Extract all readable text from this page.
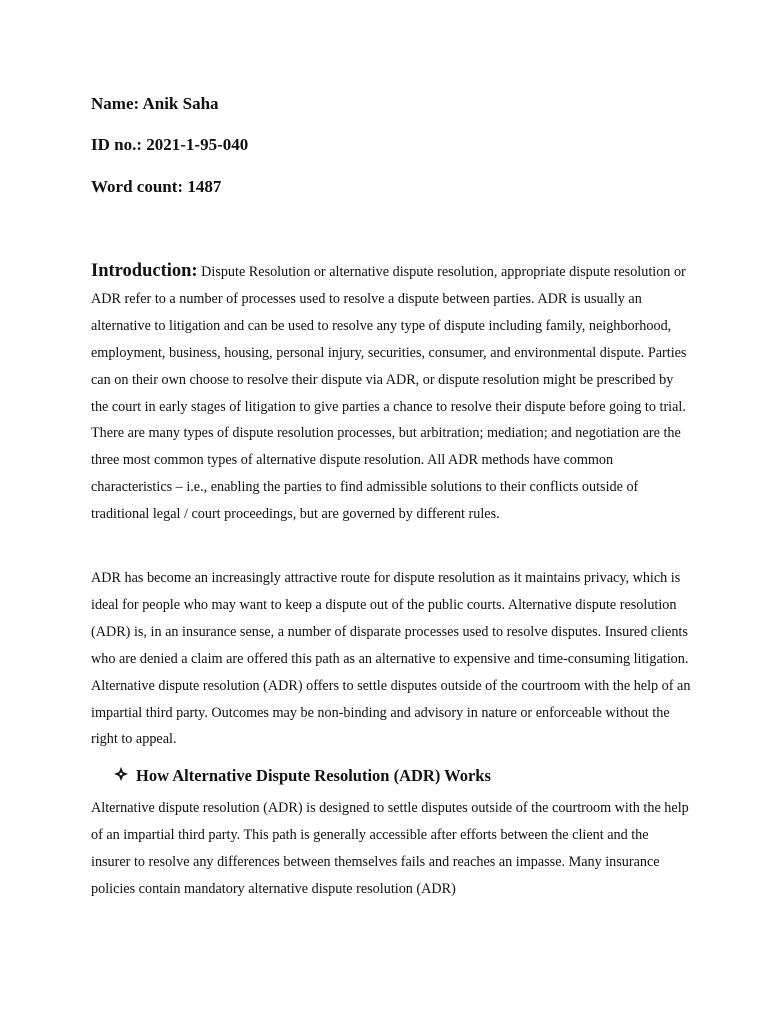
Name: Anik Saha
ID no.: 2021-1-95-040
Word count: 1487
Introduction: Dispute Resolution or alternative dispute resolution, appropriate dispute resolution or ADR refer to a number of processes used to resolve a dispute between parties. ADR is usually an alternative to litigation and can be used to resolve any type of dispute including family, neighborhood, employment, business, housing, personal injury, securities, consumer, and environmental dispute. Parties can on their own choose to resolve their dispute via ADR, or dispute resolution might be prescribed by the court in early stages of litigation to give parties a chance to resolve their dispute before going to trial. There are many types of dispute resolution processes, but arbitration; mediation; and negotiation are the three most common types of alternative dispute resolution. All ADR methods have common characteristics – i.e., enabling the parties to find admissible solutions to their conflicts outside of traditional legal / court proceedings, but are governed by different rules.
ADR has become an increasingly attractive route for dispute resolution as it maintains privacy, which is ideal for people who may want to keep a dispute out of the public courts. Alternative dispute resolution (ADR) is, in an insurance sense, a number of disparate processes used to resolve disputes. Insured clients who are denied a claim are offered this path as an alternative to expensive and time-consuming litigation. Alternative dispute resolution (ADR) offers to settle disputes outside of the courtroom with the help of an impartial third party. Outcomes may be non-binding and advisory in nature or enforceable without the right to appeal.
How Alternative Dispute Resolution (ADR) Works
Alternative dispute resolution (ADR) is designed to settle disputes outside of the courtroom with the help of an impartial third party. This path is generally accessible after efforts between the client and the insurer to resolve any differences between themselves fails and reaches an impasse. Many insurance policies contain mandatory alternative dispute resolution (ADR)
